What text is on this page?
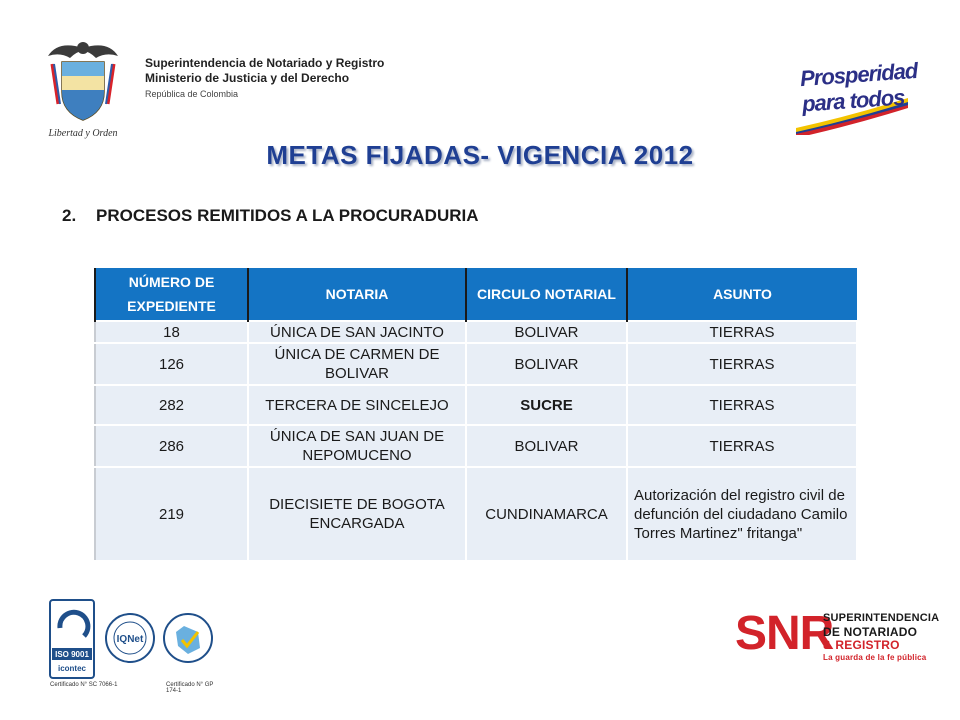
Libertad y Orden
Superintendencia de Notariado y Registro
Ministerio de Justicia y del Derecho
República de Colombia
Prosperidad
para todos
METAS FIJADAS- VIGENCIA 2012
2. PROCESOS REMITIDOS A LA PROCURADURIA
NÚMERO DE EXPEDIENTE	NOTARIA	CIRCULO NOTARIAL	ASUNTO
18	ÚNICA DE SAN JACINTO	BOLIVAR	TIERRAS
126	ÚNICA DE CARMEN DE BOLIVAR	BOLIVAR	TIERRAS
282	TERCERA DE SINCELEJO	SUCRE	TIERRAS
286	ÚNICA DE SAN JUAN DE NEPOMUCENO	BOLIVAR	TIERRAS
219	DIECISIETE DE BOGOTA ENCARGADA	CUNDINAMARCA	Autorización del registro civil de defunción del ciudadano Camilo Torres Martinez" fritanga"
ISO 9001
icontec
IQNet
Certificado N° SC 7066-1	Certificado N° GP 174-1
SNR
SUPERINTENDENCIA
DE NOTARIADO
& REGISTRO
La guarda de la fe pública
